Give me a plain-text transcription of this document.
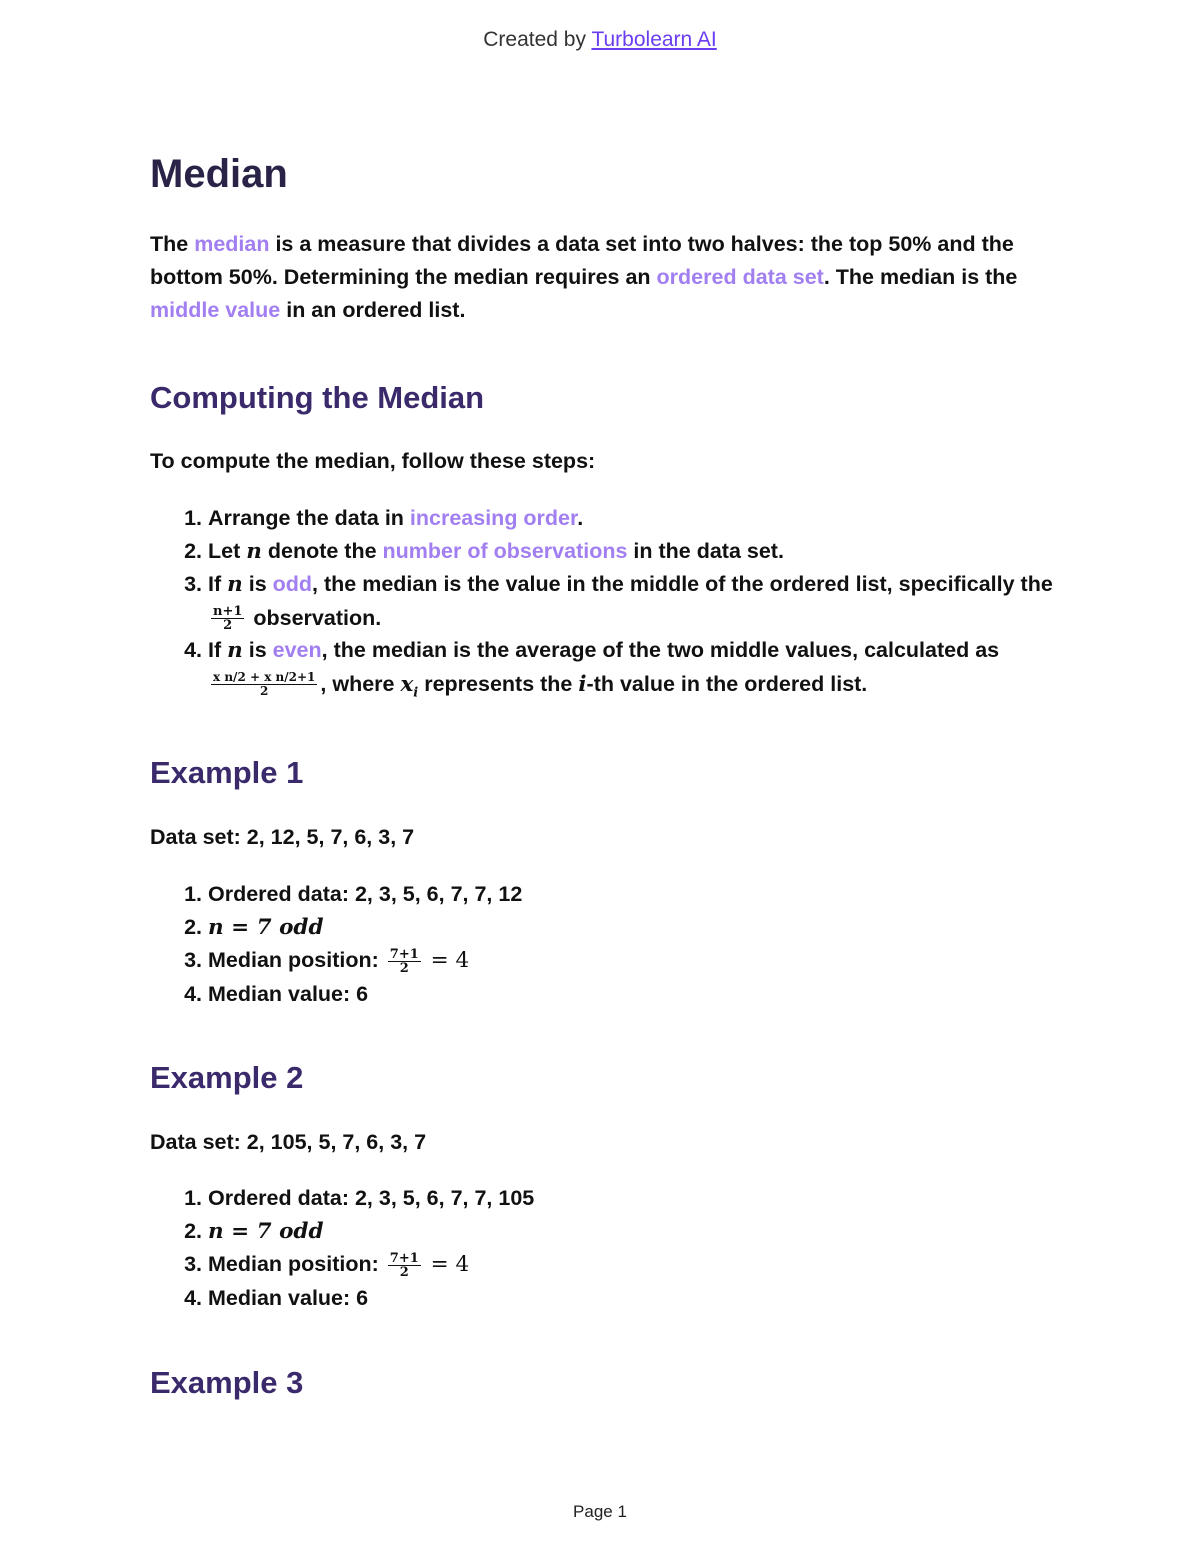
Created by Turbolearn AI
Median

The median is a measure that divides a data set into two halves: the top 50% and the bottom 50%. Determining the median requires an ordered data set. The median is the middle value in an ordered list.

Computing the Median

To compute the median, follow these steps:

1. Arrange the data in increasing order.
2. Let n denote the number of observations in the data set.
3. If n is odd, the median is the value in the middle of the ordered list, specifically the
$\frac{n+1}{2}$ observation.
4. If n is even, the median is the average of the two middle values, calculated as

$\frac{\text{x n/2 + x n/2+1}}{2}$ , where $x_i$ represents the i-th value in the ordered list.
Example 1

Data set: 2, 12, 5, 7, 6, 3, 7

1. Ordered data: 2, 3, 5, 6, 7, 7, 12
2. n = 7 odd
3. Median position: $\frac{7+1}{2} = 4$
4. Median value: 6
Example 2

Data set: 2, 105, 5, 7, 6, 3, 7

1. Ordered data: 2, 3, 5, 6, 7, 7, 105
2. n = 7 odd
3. Median position: $\frac{7+1}{2} = 4$
4. Median value: 6
Example 3
Page 1
